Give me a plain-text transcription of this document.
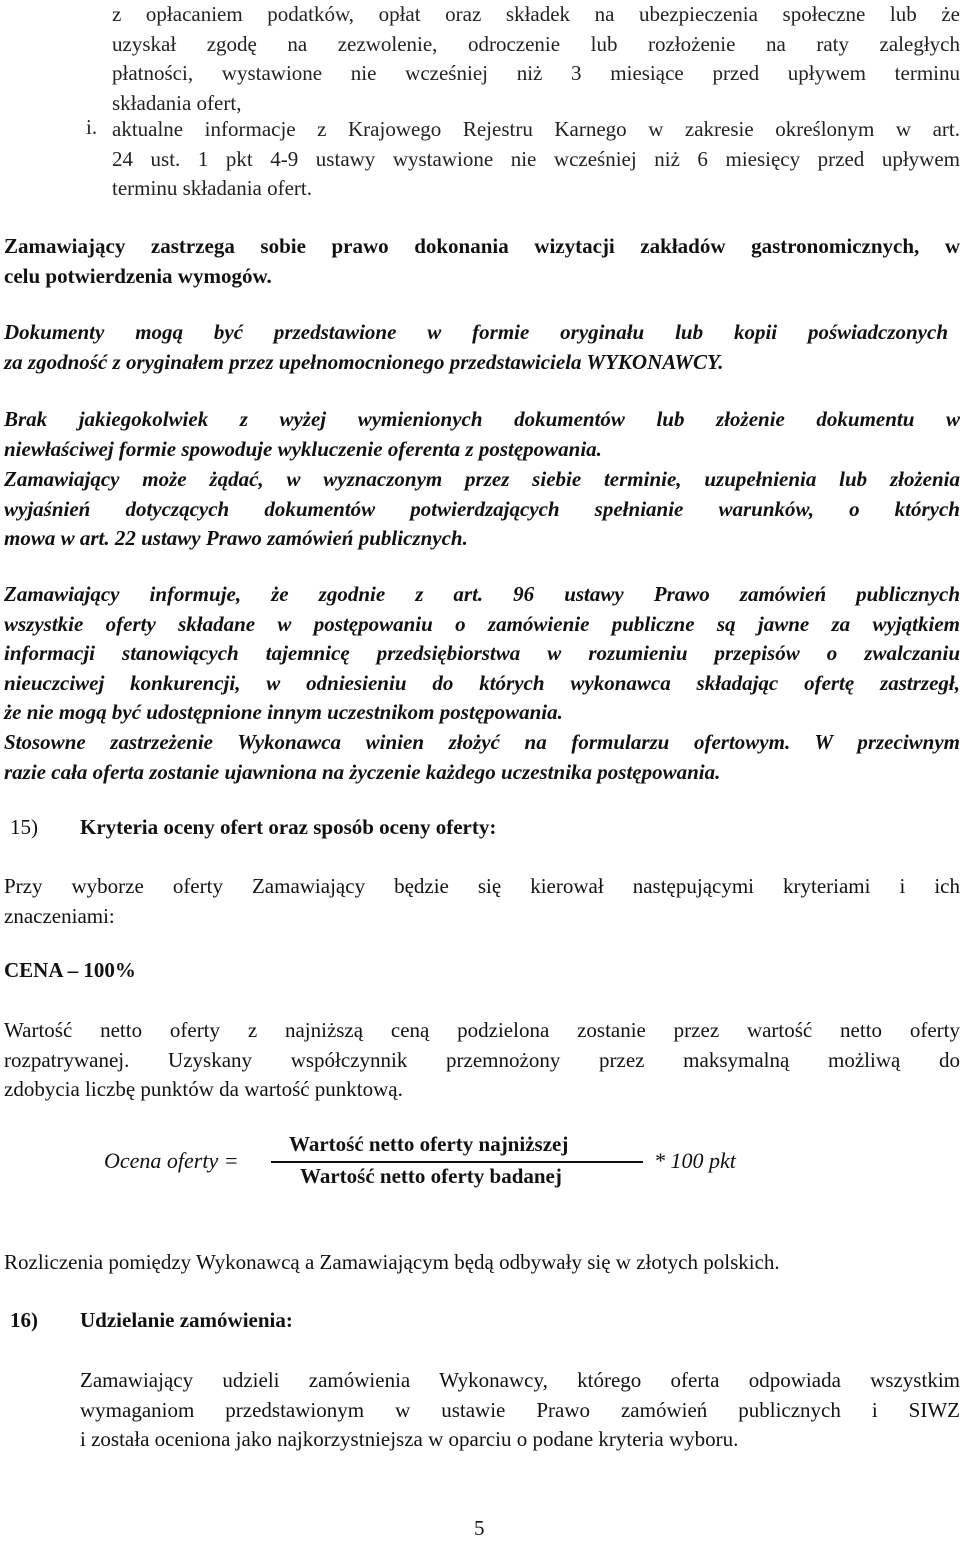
z opłacaniem podatków, opłat oraz składek na ubezpieczenia społeczne lub że
uzyskał zgodę na zezwolenie, odroczenie lub rozłożenie na raty zaległych
płatności, wystawione nie wcześniej niż 3 miesiące przed upływem terminu
składania ofert,
i. aktualne informacje z Krajowego Rejestru Karnego w zakresie określonym w art.
24 ust. 1 pkt 4-9 ustawy wystawione nie wcześniej niż 6 miesięcy przed upływem
terminu składania ofert.
Zamawiający zastrzega sobie prawo dokonania wizytacji zakładów gastronomicznych, w
celu potwierdzenia wymogów.
Dokumenty mogą być przedstawione w formie oryginału lub kopii poświadczonych
za zgodność z oryginałem przez upełnomocnionego przedstawiciela WYKONAWCY.
Brak jakiegokolwiek z wyżej wymienionych dokumentów lub złożenie dokumentu w
niewłaściwej formie spowoduje wykluczenie oferenta z postępowania.
Zamawiający może żądać, w wyznaczonym przez siebie terminie, uzupełnienia lub złożenia
wyjaśnień dotyczących dokumentów potwierdzających spełnianie warunków, o których
mowa w art. 22 ustawy Prawo zamówień publicznych.
Zamawiający informuje, że zgodnie z art. 96 ustawy Prawo zamówień publicznych
wszystkie oferty składane w postępowaniu o zamówienie publiczne są jawne za wyjątkiem
informacji stanowiących tajemnicę przedsiębiorstwa w rozumieniu przepisów o zwalczaniu
nieuczciwej konkurencji, w odniesieniu do których wykonawca składając ofertę zastrzegł,
że nie mogą być udostępnione innym uczestnikom postępowania.
Stosowne zastrzeżenie Wykonawca winien złożyć na formularzu ofertowym. W przeciwnym
razie cała oferta zostanie ujawniona na życzenie każdego uczestnika postępowania.
15) Kryteria oceny ofert oraz sposób oceny oferty:
Przy wyborze oferty Zamawiający będzie się kierował następującymi kryteriami i ich
znaczeniami:
CENA – 100%
Wartość netto oferty z najniższą ceną podzielona zostanie przez wartość netto oferty
rozpatrywanej. Uzyskany współczynnik przemnożony przez maksymalną możliwą do
zdobycia liczbę punktów da wartość punktową.
Ocena oferty =
Wartość netto oferty najniższej
Wartość netto oferty badanej
* 100 pkt
Rozliczenia pomiędzy Wykonawcą a Zamawiającym będą odbywały się w złotych polskich.
16) Udzielanie zamówienia:
Zamawiający udzieli zamówienia Wykonawcy, którego oferta odpowiada wszystkim
wymaganiom przedstawionym w ustawie Prawo zamówień publicznych i SIWZ
i została oceniona jako najkorzystniejsza w oparciu o podane kryteria wyboru.
5
